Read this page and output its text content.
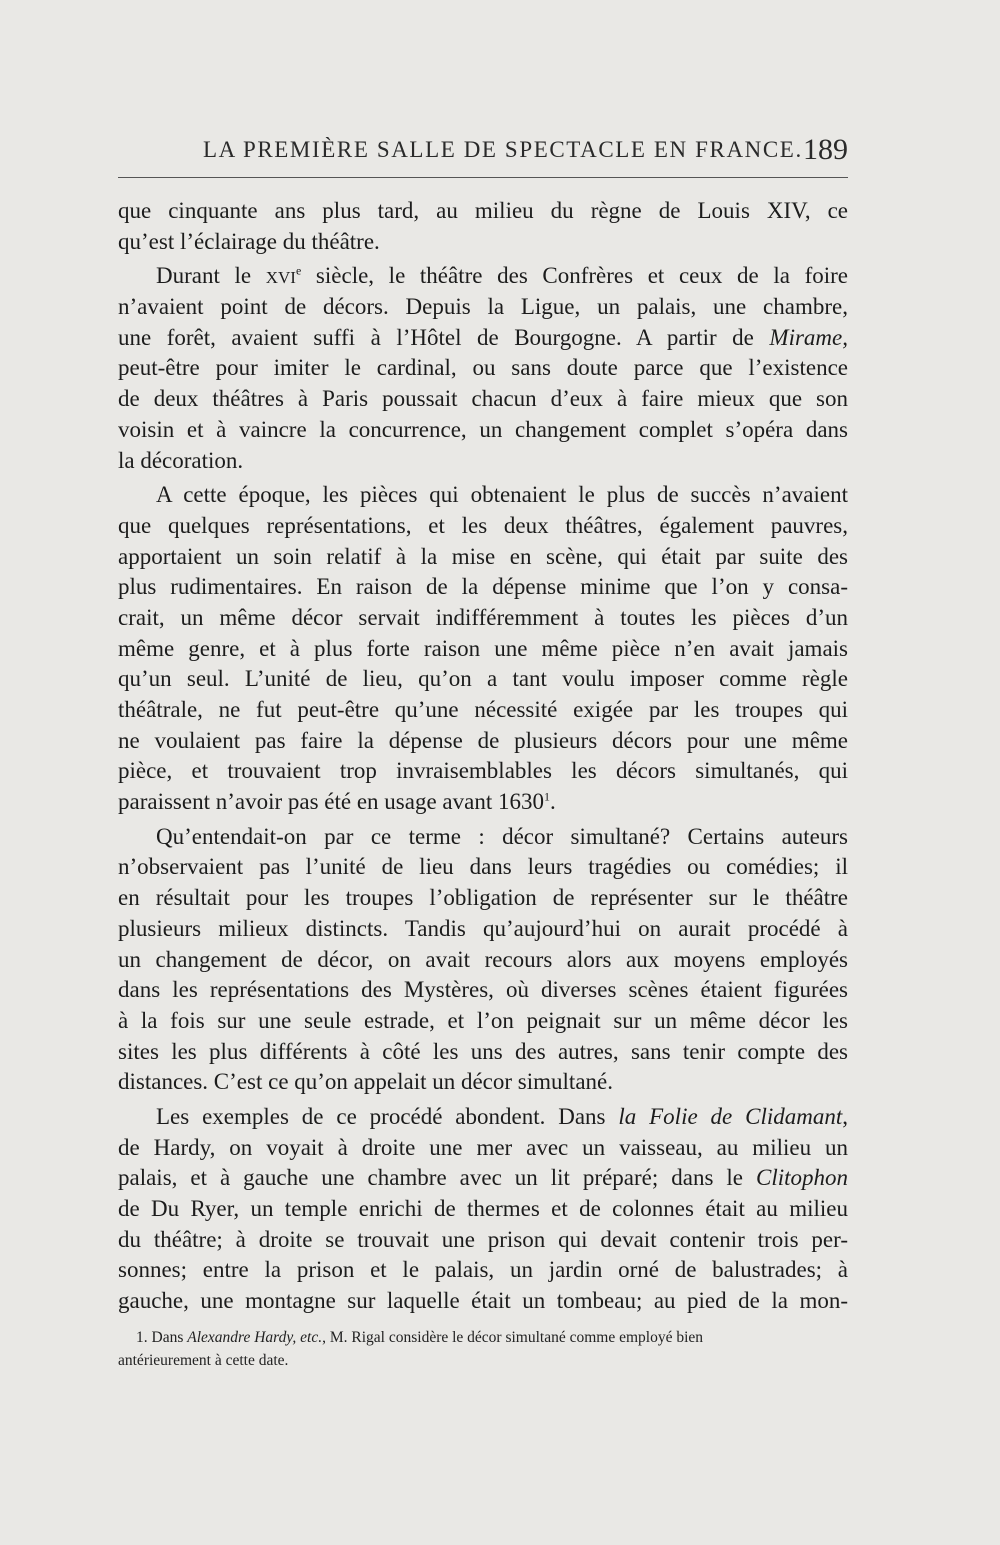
LA PREMIÈRE SALLE DE SPECTACLE EN FRANCE. 189
que cinquante ans plus tard, au milieu du règne de Louis XIV, ce
qu’est l’éclairage du théâtre.
Durant le XVIe siècle, le théâtre des Confrères et ceux de la foire
n’avaient point de décors. Depuis la Ligue, un palais, une chambre,
une forêt, avaient suffi à l’Hôtel de Bourgogne. A partir de Mirame,
peut-être pour imiter le cardinal, ou sans doute parce que l’existence
de deux théâtres à Paris poussait chacun d’eux à faire mieux que son
voisin et à vaincre la concurrence, un changement complet s’opéra dans
la décoration.
A cette époque, les pièces qui obtenaient le plus de succès n’avaient
que quelques représentations, et les deux théâtres, également pauvres,
apportaient un soin relatif à la mise en scène, qui était par suite des
plus rudimentaires. En raison de la dépense minime que l’on y consa-
crait, un même décor servait indifféremment à toutes les pièces d’un
même genre, et à plus forte raison une même pièce n’en avait jamais
qu’un seul. L’unité de lieu, qu’on a tant voulu imposer comme règle
théâtrale, ne fut peut-être qu’une nécessité exigée par les troupes qui
ne voulaient pas faire la dépense de plusieurs décors pour une même
pièce, et trouvaient trop invraisemblables les décors simultanés, qui
paraissent n’avoir pas été en usage avant 1630$^1$.
Qu’entendait-on par ce terme : décor simultané? Certains auteurs
n’observaient pas l’unité de lieu dans leurs tragédies ou comédies; il
en résultait pour les troupes l’obligation de représenter sur le théâtre
plusieurs milieux distincts. Tandis qu’aujourd’hui on aurait procédé à
un changement de décor, on avait recours alors aux moyens employés
dans les représentations des Mystères, où diverses scènes étaient figurées
à la fois sur une seule estrade, et l’on peignait sur un même décor les
sites les plus différents à côté les uns des autres, sans tenir compte des
distances. C’est ce qu’on appelait un décor simultané.
Les exemples de ce procédé abondent. Dans la Folie de Clidamant,
de Hardy, on voyait à droite une mer avec un vaisseau, au milieu un
palais, et à gauche une chambre avec un lit préparé; dans le Clitophon
de Du Ryer, un temple enrichi de thermes et de colonnes était au milieu
du théâtre; à droite se trouvait une prison qui devait contenir trois per-
sonnes; entre la prison et le palais, un jardin orné de balustrades; à
gauche, une montagne sur laquelle était un tombeau; au pied de la mon-
1. Dans Alexandre Hardy, etc., M. Rigal considère le décor simultané comme employé bien
antérieurement à cette date.
